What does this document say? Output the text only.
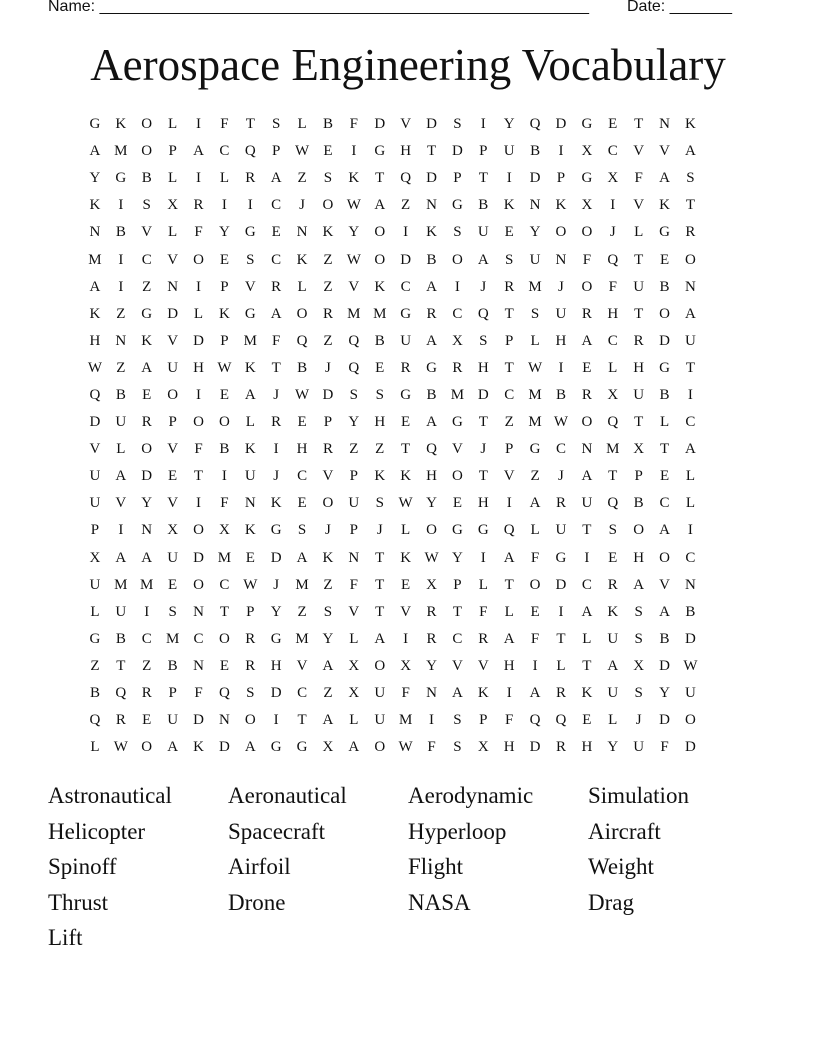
Name: _______________________________________________________ Date: _______
Aerospace Engineering Vocabulary
G	K	O	L	I	F	T	S	L	B	F	D	V	D	S	I	Y	Q	D	G	E	T	N	K
A M O	P	A	C	Q	P W E	I	G	H	T	D	P	U	B	I	X	C	V	V	A
Y	G	B	L	I	L	R	A	Z	S	K	T	Q	D	P	T	I	D	P	G	X	F	A	S
K	I	S	X	R	I	I	C	J	O W A	Z	N	G	B	K	N	K	X	I	V	K	T
N	B	V	L	F	Y	G	E	N	K	Y	O	I	K	S	U	E	Y	O	O	J	L	G	R
M	I	C	V	O	E	S	C	K	Z W O	D	B	O	A	S	U	N	F	Q	T	E	O
A	I	Z	N	I	P	V	R	L	Z	V	K	C	A	I	J	R M	J	O	F	U	B	N
K	Z	G	D	L	K	G	A	O	R M M G	R	C	Q	T	S	U	R	H	T	O	A
H	N	K	V	D	P	M	F	Q	Z	Q	B	U	A	X	S	P	L	H	A	C	R	D	U
W Z	A	U	H W K	T	B	J	Q	E	R	G	R	H	T W	I	E	L	H	G	T
Q	B	E	O	I	E	A	J	W D	S	S	G	B M D	C M B	R	X	U	B	I
D	U	R	P	O	O	L	R	E	P	Y	H	E	A	G	T	Z M W O	Q	T	L	C
V	L	O	V	F	B	K	I	H	R	Z	Z	T	Q	V	J	P	G	C	N M X	T	A
U	A	D	E	T	I	U	J	C	V	P	K	K	H	O	T	V	Z	J	A	T	P	E	L
U	V	Y	V	I	F	N	K	E	O	U	S W Y	E	H	I	A	R	U	Q	B	C	L
P	I	N	X	O	X	K	G	S	J	P	J	L	O	G	G	Q	L	U	T	S	O	A	I
X	A	A	U	D M E	D	A	K	N	T	K W Y	I	A	F	G	I	E	H	O	C
U M M E	O	C W	J	M Z	F	T	E	X	P	L	T	O	D	C	R	A	V	N
L	U	I	S	N	T	P	Y	Z	S	V	T	V	R	T	F	L	E	I	A	K	S	A	B
G	B	C M C	O	R	G M Y	L	A	I	R	C	R	A	F	T	L	U	S	B	D
Z	T	Z	B	N	E	R	H	V	A	X	O	X	Y	V	V	H	I	L	T	A	X	D W
B	Q	R	P	F	Q	S	D	C	Z	X	U	F	N	A	K	I	A	R	K	U	S	Y	U
Q	R	E	U	D	N	O	I	T	A	L	U M	I	S	P	F	Q	Q	E	L	J	D	O
L W O	A	K	D	A	G	G	X	A	O W F	S	X	H	D	R	H	Y	U	F	D
Astronautical	Aeronautical	Aerodynamic	Simulation
Helicopter	Spacecraft	Hyperloop	Aircraft
Spinoff	Airfoil	Flight	Weight
Thrust	Drone	NASA	Drag
Lift
